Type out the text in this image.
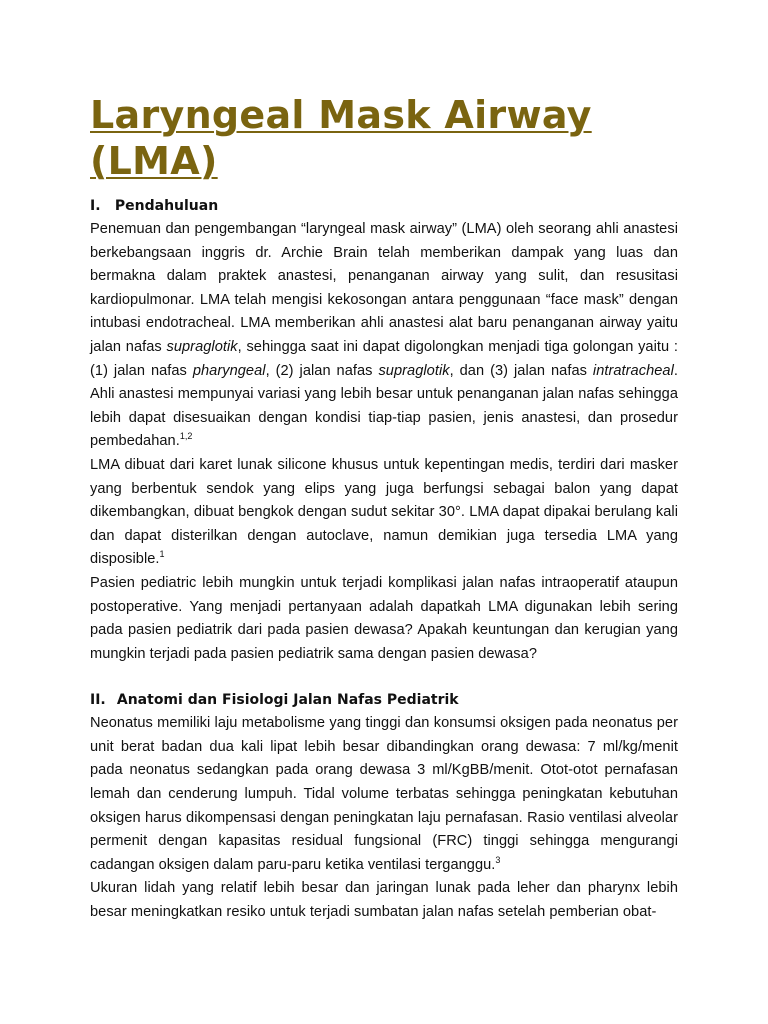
Laryngeal Mask Airway (LMA)
I. Pendahuluan

Penemuan dan pengembangan “laryngeal mask airway” (LMA) oleh seorang ahli anastesi berkebangsaan inggris dr. Archie Brain telah memberikan dampak yang luas dan bermakna dalam praktek anastesi, penanganan airway yang sulit, dan resusitasi kardiopulmonar. LMA telah mengisi kekosongan antara penggunaan “face mask” dengan intubasi endotracheal. LMA memberikan ahli anastesi alat baru penanganan airway yaitu jalan nafas supraglotik, sehingga saat ini dapat digolongkan menjadi tiga golongan yaitu : (1) jalan nafas pharyngeal, (2) jalan nafas supraglotik, dan (3) jalan nafas intratracheal. Ahli anastesi mempunyai variasi yang lebih besar untuk penanganan jalan nafas sehingga lebih dapat disesuaikan dengan kondisi tiap-tiap pasien, jenis anastesi, dan prosedur pembedahan.$^{1,2}$

LMA dibuat dari karet lunak silicone khusus untuk kepentingan medis, terdiri dari masker yang berbentuk sendok yang elips yang juga berfungsi sebagai balon yang dapat dikembangkan, dibuat bengkok dengan sudut sekitar 30°. LMA dapat dipakai berulang kali dan dapat disterilkan dengan autoclave, namun demikian juga tersedia LMA yang disposible.$^1$

Pasien pediatric lebih mungkin untuk terjadi komplikasi jalan nafas intraoperatif ataupun postoperative. Yang menjadi pertanyaan adalah dapatkah LMA digunakan lebih sering pada pasien pediatrik dari pada pasien dewasa? Apakah keuntungan dan kerugian yang mungkin terjadi pada pasien pediatrik sama dengan pasien dewasa?

II. Anatomi dan Fisiologi Jalan Nafas Pediatrik

Neonatus memiliki laju metabolisme yang tinggi dan konsumsi oksigen pada neonatus per unit berat badan dua kali lipat lebih besar dibandingkan orang dewasa: 7 ml/kg/menit pada neonatus sedangkan pada orang dewasa 3 ml/KgBB/menit. Otot-otot pernafasan lemah dan cenderung lumpuh. Tidal volume terbatas sehingga peningkatan kebutuhan oksigen harus dikompensasi dengan peningkatan laju pernafasan. Rasio ventilasi alveolar permenit dengan kapasitas residual fungsional (FRC) tinggi sehingga mengurangi cadangan oksigen dalam paru-paru ketika ventilasi terganggu.$^3$

Ukuran lidah yang relatif lebih besar dan jaringan lunak pada leher dan pharynx lebih besar meningkatkan resiko untuk terjadi sumbatan jalan nafas setelah pemberian obat-
